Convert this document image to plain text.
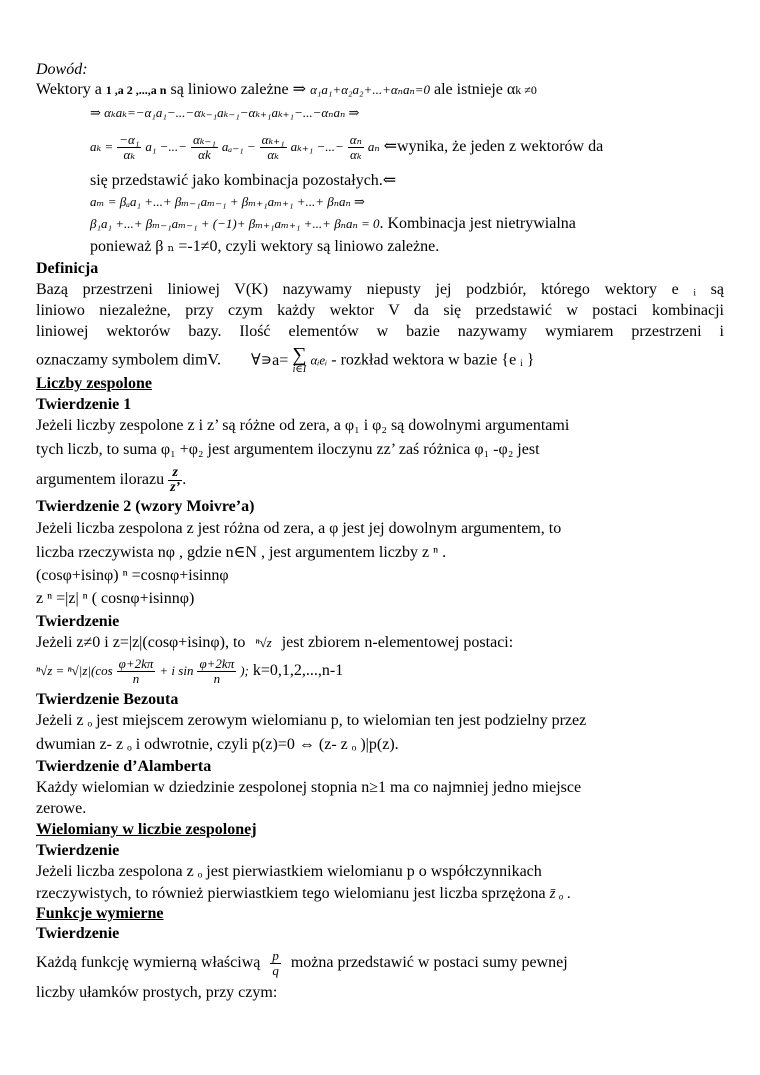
Dowód:
Wektory a 1 ,a 2 ,...,a n są liniowo zależne ⇒ α₁a₁+α₂a₂+...+αₙaₙ=0 ale istnieje αk ≠0
⇒ αₖaₖ=−α₁a₁−...−αₖ₋₁aₖ₋₁−αₖ₊₁aₖ₊₁−...−αₙaₙ ⇒
$a_k = \frac{\text{−α₁}}{\text{αₖ}} a_1$ −...− $\frac{\text{αₖ₋₁}}{\alpha k} a_{a-1} - \frac{\text{αₖ₊₁}}{\text{αₖ}} a_{k+1}$ −...− $\frac{\text{αₙ}}{\text{αₖ}}$ aₙ ⇐wynika, że jeden z wektorów da
się przedstawić jako kombinacja pozostałych.⇐
aₘ = βₐa₁ +...+ βₘ₋₁aₘ₋₁ + βₘ₊₁aₘ₊₁ +...+ βₙaₙ ⇒
β₁a₁ +...+ βₘ₋₁aₘ₋₁ + (−1)+ βₘ₊₁aₘ₊₁ +...+ βₙaₙ = 0. Kombinacja jest nietrywialna
ponieważ β ₙ =-1≠0, czyli wektory są liniowo zależne.
Definicja
Bazą przestrzeni liniowej V(K) nazywamy niepusty jej podzbiór, którego wektory e ᵢ są
liniowo niezależne, przy czym każdy wektor V da się przedstawić w postaci kombinacji
liniowej wektorów bazy. Ilość elementów w bazie nazywamy wymiarem przestrzeni i
oznaczamy symbolem dimV. ∀∍a= ∑
i∈I
αᵢeᵢ - rozkład wektora w bazie {e ᵢ }
Liczby zespolone
Twierdzenie 1
Jeżeli liczby zespolone z i z’ są różne od zera, a φ₁ i φ₂ są dowolnymi argumentami
tych liczb, to suma φ₁ +φ₂ jest argumentem iloczynu zz’ zaś różnica φ₁ -φ₂ jest
argumentem ilorazu $\frac{z}{z’}$ .
Twierdzenie 2 (wzory Moivre’a)
Jeżeli liczba zespolona z jest różna od zera, a φ jest jej dowolnym argumentem, to
liczba rzeczywista nφ , gdzie n∈N , jest argumentem liczby z ⁿ .
(cosφ+isinφ) ⁿ =cosnφ+isinnφ
z ⁿ =|z| ⁿ ( cosnφ+isinnφ)
Twierdzenie
Jeżeli z≠0 i z=|z|(cosφ+isinφ), to ⁿ√z jest zbiorem n-elementowej postaci:
$^n√z = ^n√|z|(\cos \frac{\varphi+2k\pi}{n} + i$ $\sin \frac{\varphi+2k\pi}{n}$ ); k=0,1,2,...,n-1
Twierdzenie Bezouta
Jeżeli z ₒ jest miejscem zerowym wielomianu p, to wielomian ten jest podzielny przez
dwumian z- z ₒ i odwrotnie, czyli p(z)=0 ⇔ (z- z ₒ )|p(z).
Twierdzenie d’Alamberta
Każdy wielomian w dziedzinie zespolonej stopnia n≥1 ma co najmniej jedno miejsce
zerowe.
Wielomiany w liczbie zespolonej
Twierdzenie
Jeżeli liczba zespolona z ₒ jest pierwiastkiem wielomianu p o współczynnikach
rzeczywistych, to również pierwiastkiem tego wielomianu jest liczba sprzężona z̄ ₒ .
Funkcje wymierne
Twierdzenie
Każdą funkcję wymierną właściwą $\frac{p}{q}$ można przedstawić w postaci sumy pewnej
liczby ułamków prostych, przy czym:
